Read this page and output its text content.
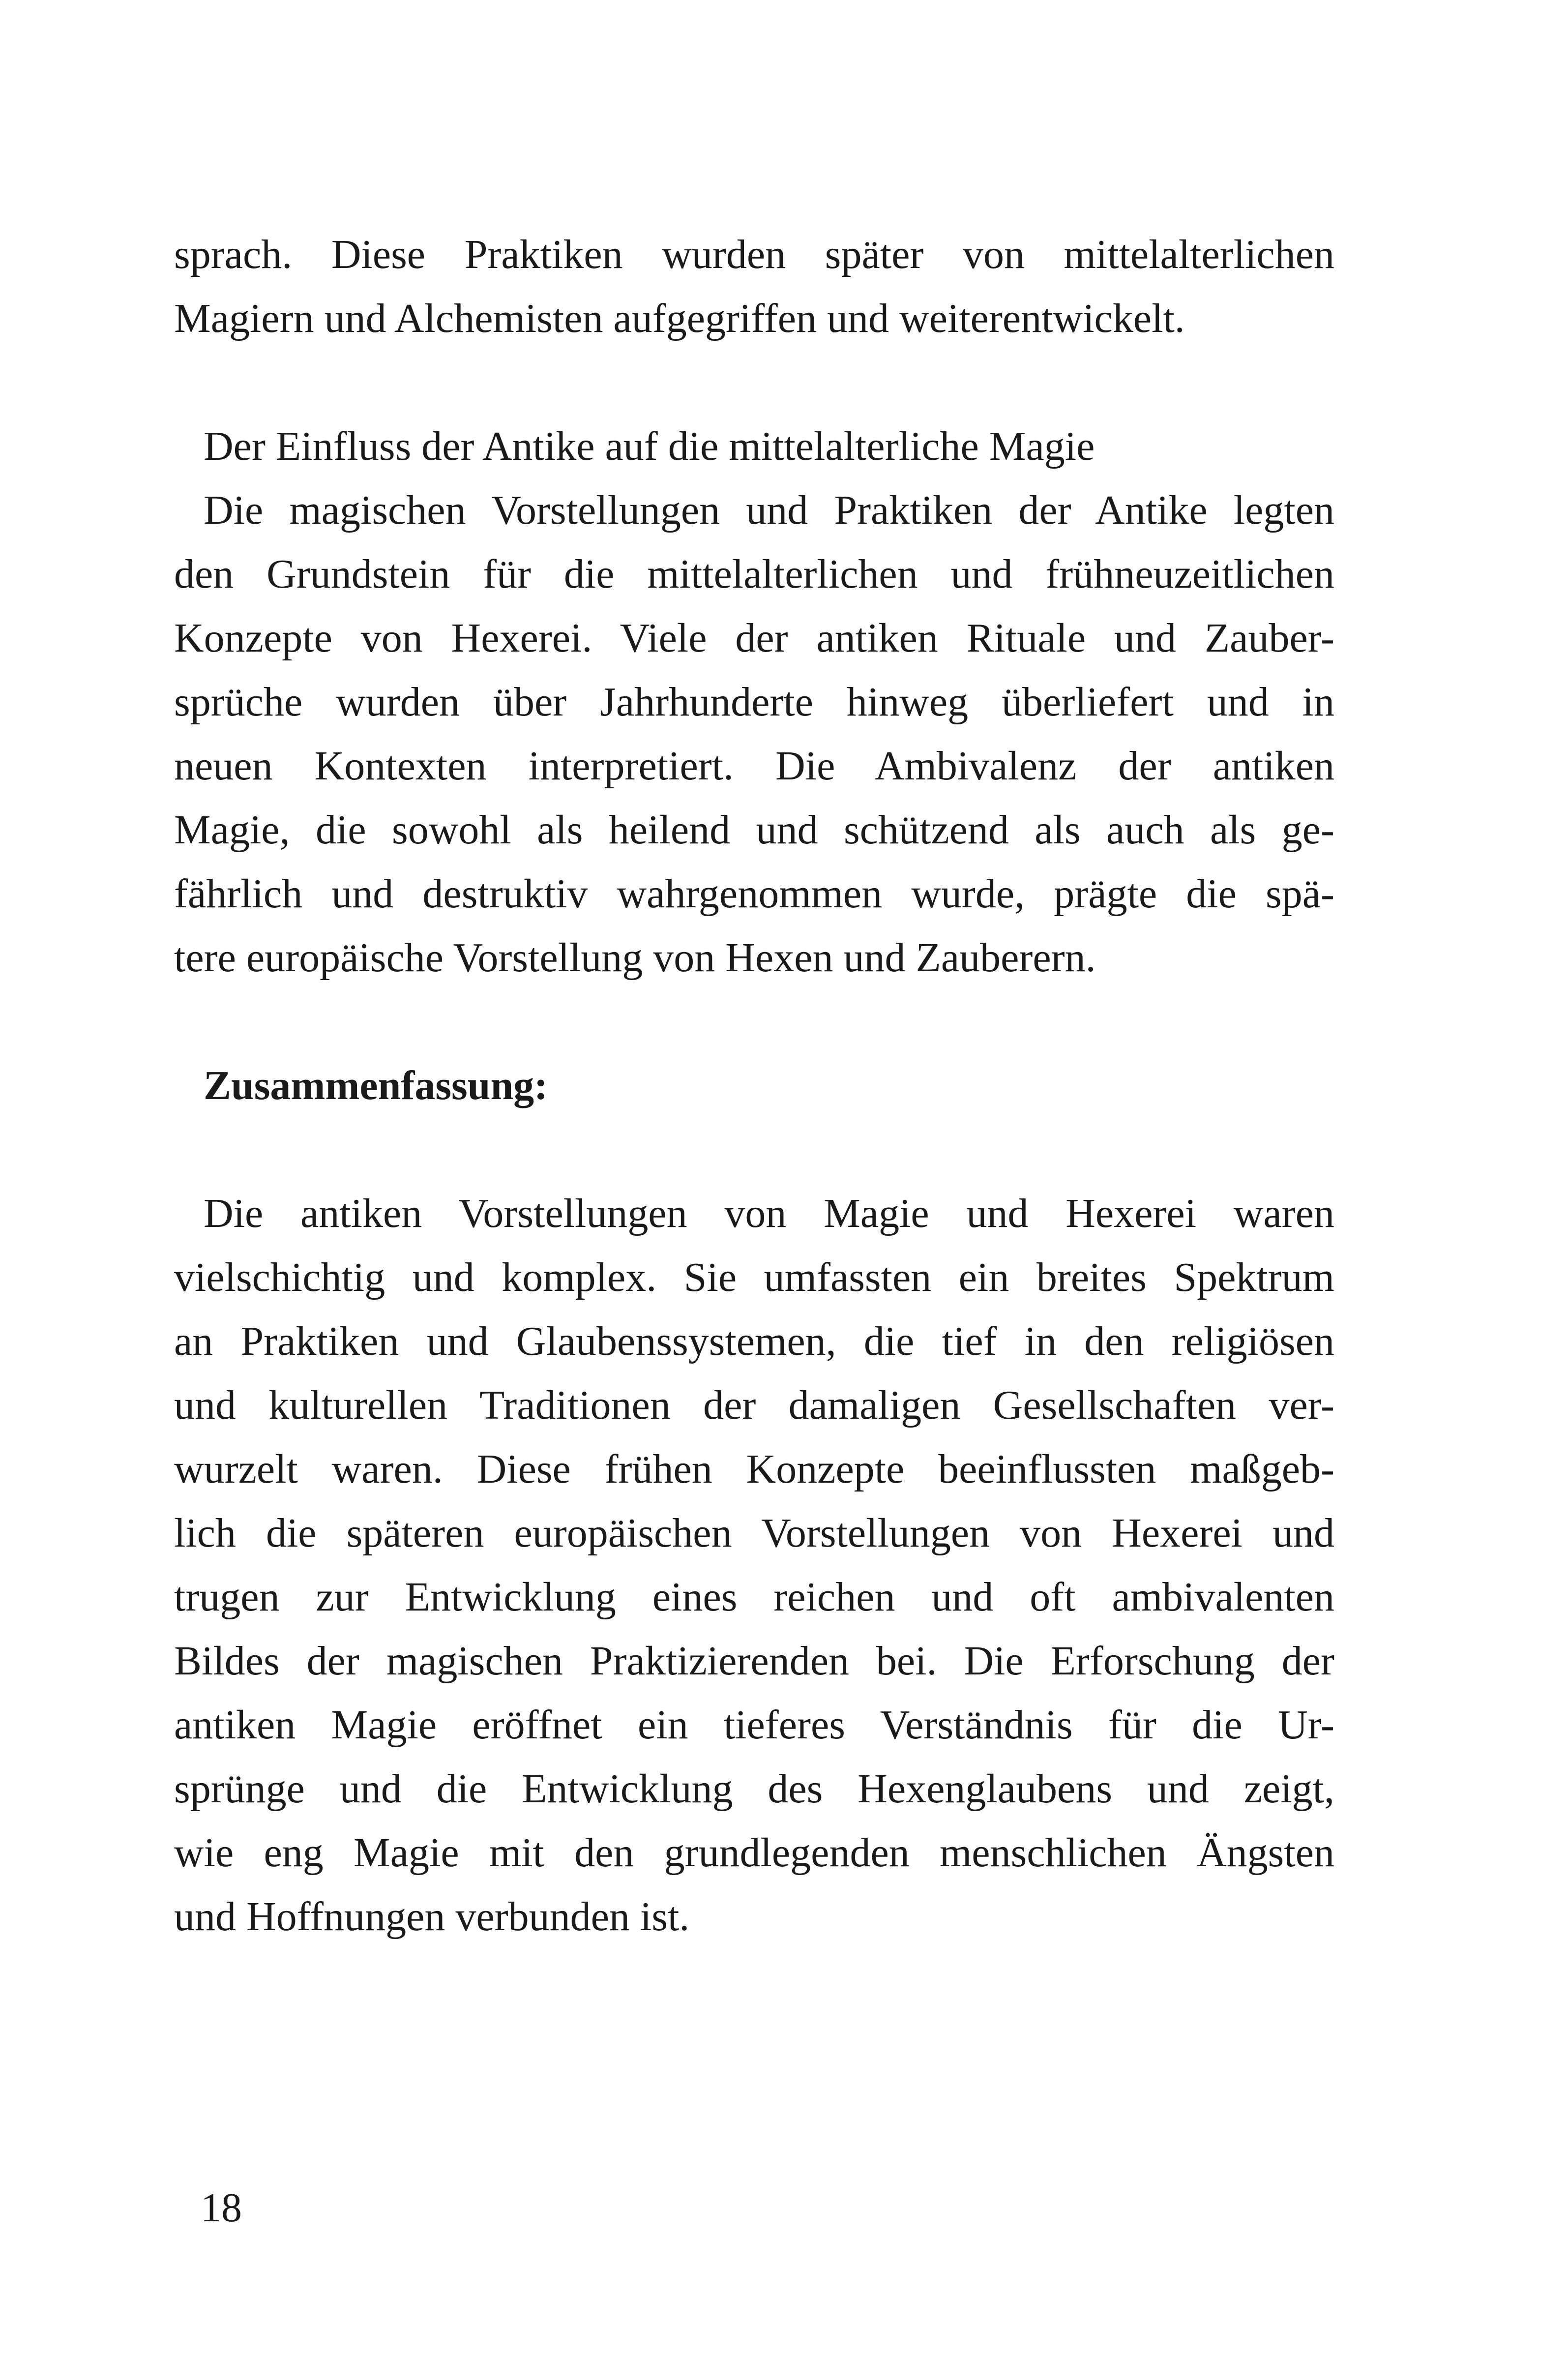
sprach. Diese Praktiken wurden später von mittelalterlichen
Magiern und Alchemisten aufgegriffen und weiterentwickelt.
Der Einfluss der Antike auf die mittelalterliche Magie
Die magischen Vorstellungen und Praktiken der Antike legten
den Grundstein für die mittelalterlichen und frühneuzeitlichen
Konzepte von Hexerei. Viele der antiken Rituale und Zauber-
sprüche wurden über Jahrhunderte hinweg überliefert und in
neuen Kontexten interpretiert. Die Ambivalenz der antiken
Magie, die sowohl als heilend und schützend als auch als ge-
fährlich und destruktiv wahrgenommen wurde, prägte die spä-
tere europäische Vorstellung von Hexen und Zauberern.
Zusammenfassung:
Die antiken Vorstellungen von Magie und Hexerei waren
vielschichtig und komplex. Sie umfassten ein breites Spektrum
an Praktiken und Glaubenssystemen, die tief in den religiösen
und kulturellen Traditionen der damaligen Gesellschaften ver-
wurzelt waren. Diese frühen Konzepte beeinflussten maßgeb-
lich die späteren europäischen Vorstellungen von Hexerei und
trugen zur Entwicklung eines reichen und oft ambivalenten
Bildes der magischen Praktizierenden bei. Die Erforschung der
antiken Magie eröffnet ein tieferes Verständnis für die Ur-
sprünge und die Entwicklung des Hexenglaubens und zeigt,
wie eng Magie mit den grundlegenden menschlichen Ängsten
und Hoffnungen verbunden ist.
18
